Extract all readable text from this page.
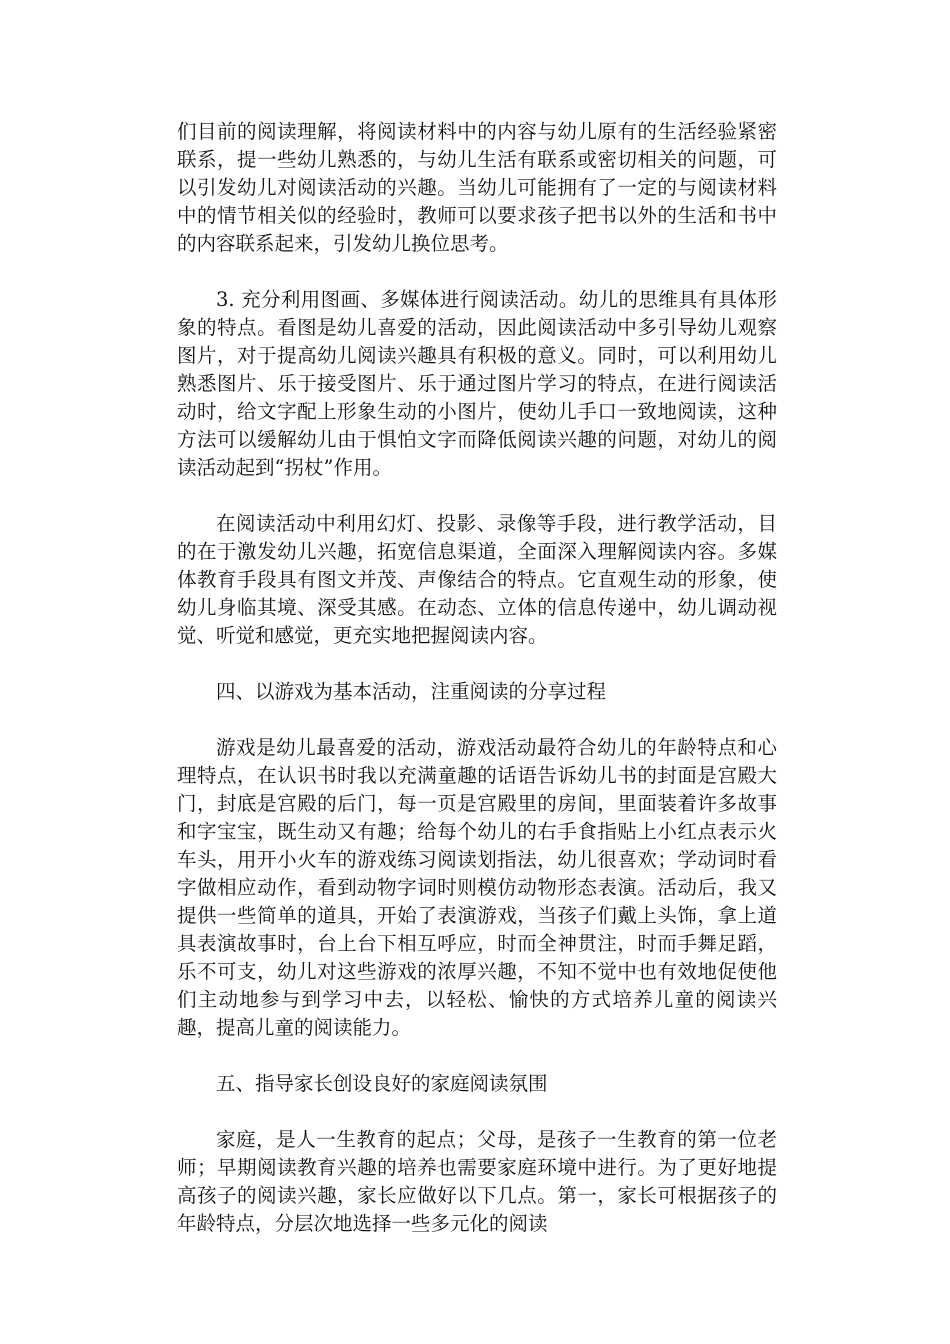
们目前的阅读理解，将阅读材料中的内容与幼儿原有的生活经验紧密联系，提一些幼儿熟悉的，与幼儿生活有联系或密切相关的问题，可以引发幼儿对阅读活动的兴趣。当幼儿可能拥有了一定的与阅读材料中的情节相关似的经验时，教师可以要求孩子把书以外的生活和书中的内容联系起来，引发幼儿换位思考。

3. 充分利用图画、多媒体进行阅读活动。幼儿的思维具有具体形象的特点。看图是幼儿喜爱的活动，因此阅读活动中多引导幼儿观察图片，对于提高幼儿阅读兴趣具有积极的意义。同时，可以利用幼儿熟悉图片、乐于接受图片、乐于通过图片学习的特点，在进行阅读活动时，给文字配上形象生动的小图片，使幼儿手口一致地阅读，这种方法可以缓解幼儿由于惧怕文字而降低阅读兴趣的问题，对幼儿的阅读活动起到“拐杖”作用。

在阅读活动中利用幻灯、投影、录像等手段，进行教学活动，目的在于激发幼儿兴趣，拓宽信息渠道，全面深入理解阅读内容。多媒体教育手段具有图文并茂、声像结合的特点。它直观生动的形象，使幼儿身临其境、深受其感。在动态、立体的信息传递中，幼儿调动视觉、听觉和感觉，更充实地把握阅读内容。

四、以游戏为基本活动，注重阅读的分享过程

游戏是幼儿最喜爱的活动，游戏活动最符合幼儿的年龄特点和心理特点，在认识书时我以充满童趣的话语告诉幼儿书的封面是宫殿大门，封底是宫殿的后门，每一页是宫殿里的房间，里面装着许多故事和字宝宝，既生动又有趣；给每个幼儿的右手食指贴上小红点表示火车头，用开小火车的游戏练习阅读划指法，幼儿很喜欢；学动词时看字做相应动作，看到动物字词时则模仿动物形态表演。活动后，我又提供一些简单的道具，开始了表演游戏，当孩子们戴上头饰，拿上道具表演故事时，台上台下相互呼应，时而全神贯注，时而手舞足蹈，乐不可支，幼儿对这些游戏的浓厚兴趣，不知不觉中也有效地促使他们主动地参与到学习中去，以轻松、愉快的方式培养儿童的阅读兴趣，提高儿童的阅读能力。

五、指导家长创设良好的家庭阅读氛围

家庭，是人一生教育的起点；父母，是孩子一生教育的第一位老师；早期阅读教育兴趣的培养也需要家庭环境中进行。为了更好地提高孩子的阅读兴趣，家长应做好以下几点。第一，家长可根据孩子的年龄特点，分层次地选择一些多元化的阅读
